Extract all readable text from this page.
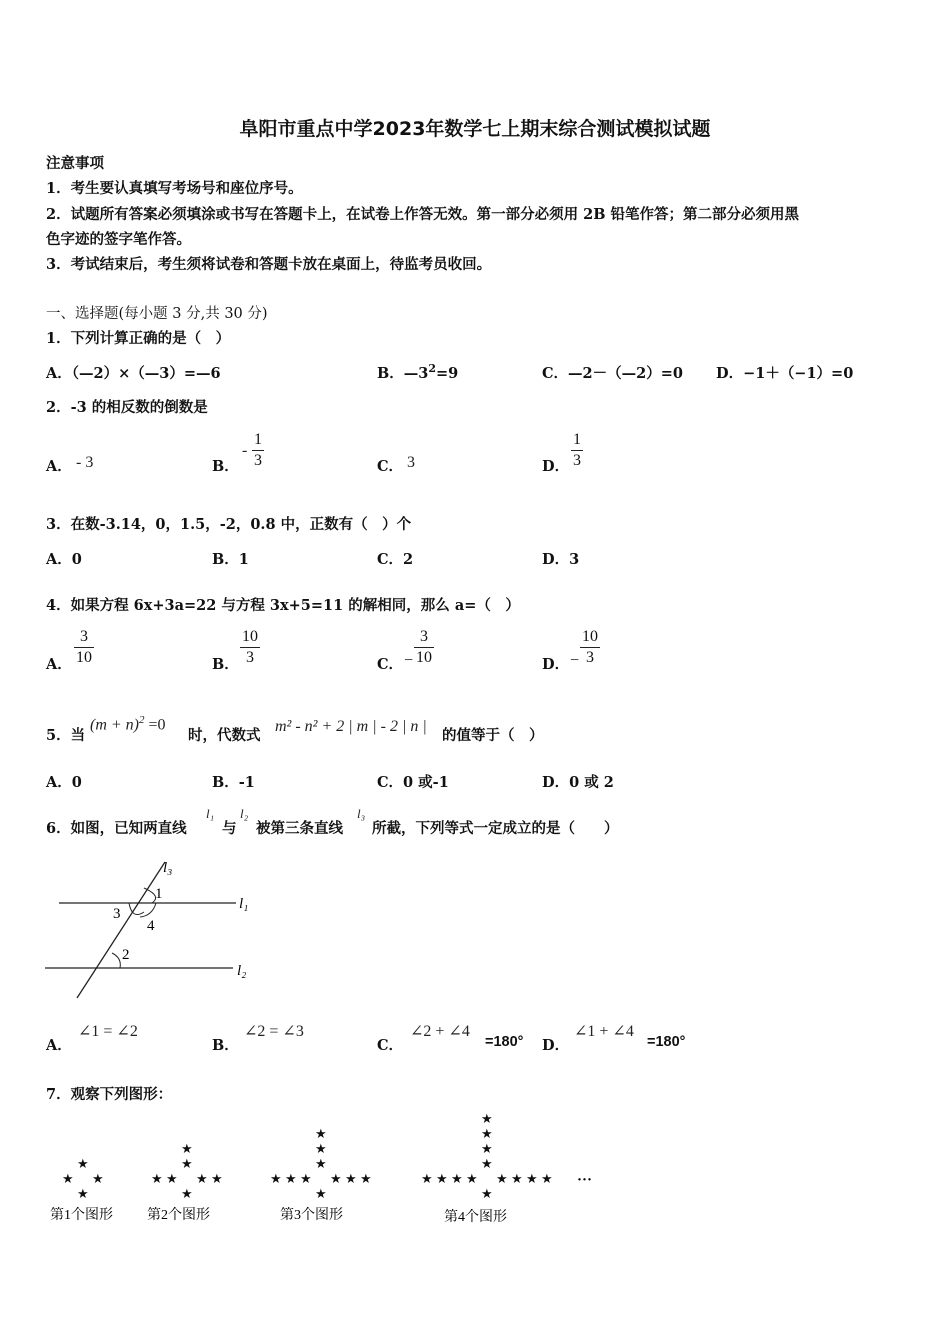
阜阳市重点中学2023年数学七上期末综合测试模拟试题
注意事项
1．考生要认真填写考场号和座位序号。
2．试题所有答案必须填涂或书写在答题卡上，在试卷上作答无效。第一部分必须用 2B 铅笔作答；第二部分必须用黑
色字迹的签字笔作答。
3．考试结束后，考生须将试卷和答题卡放在桌面上，待监考员收回。
一、选择题(每小题 3 分,共 30 分)
1．下列计算正确的是（　）
A．（—2）×（—3）=—6	B．$—3^2=9$	C．—2－（—2）=0 D．−1＋（−1）=0
2．-3 的相反数的倒数是
A． - 3	B．
-
1
3	C． 3	D．
1
3
3．在数-3.14，0，1.5，-2，0.8 中，正数有（　）个
A．0	B．1	C．2	D．3
4．如果方程 6x+3a=22 与方程 3x+5=11 的解相同，那么 a=（　）
A．
3
10	B．
10
3	C． −
3
10	D． −
10
3
5．当
$(m + n)^2 =0$
时，代数式
m² - n² + 2 | m | - 2 | n |
的值等于（　）
A．0	B．-1	C．0 或-1	D．0 或 2
6．如图，已知两直线
l₁
与
l₂
被第三条直线
l₃
所截，下列等式一定成立的是（　　）
1
2
3
4
l₁
l₂
l₃
A．
∠1 = ∠2
B．
∠2 = ∠3
C．
∠2 + ∠4
=180° D．
∠1 + ∠4
=180°
7．观察下列图形：
★
★ ★
★
★
★
★ ★ ★ ★
★
★
★
★
★ ★ ★ ★ ★ ★
★
★
★
★
★
★ ★ ★ ★ ★ ★ ★ ★
★
···
第1个图形 第2个图形	第3个图形	第4个图形
